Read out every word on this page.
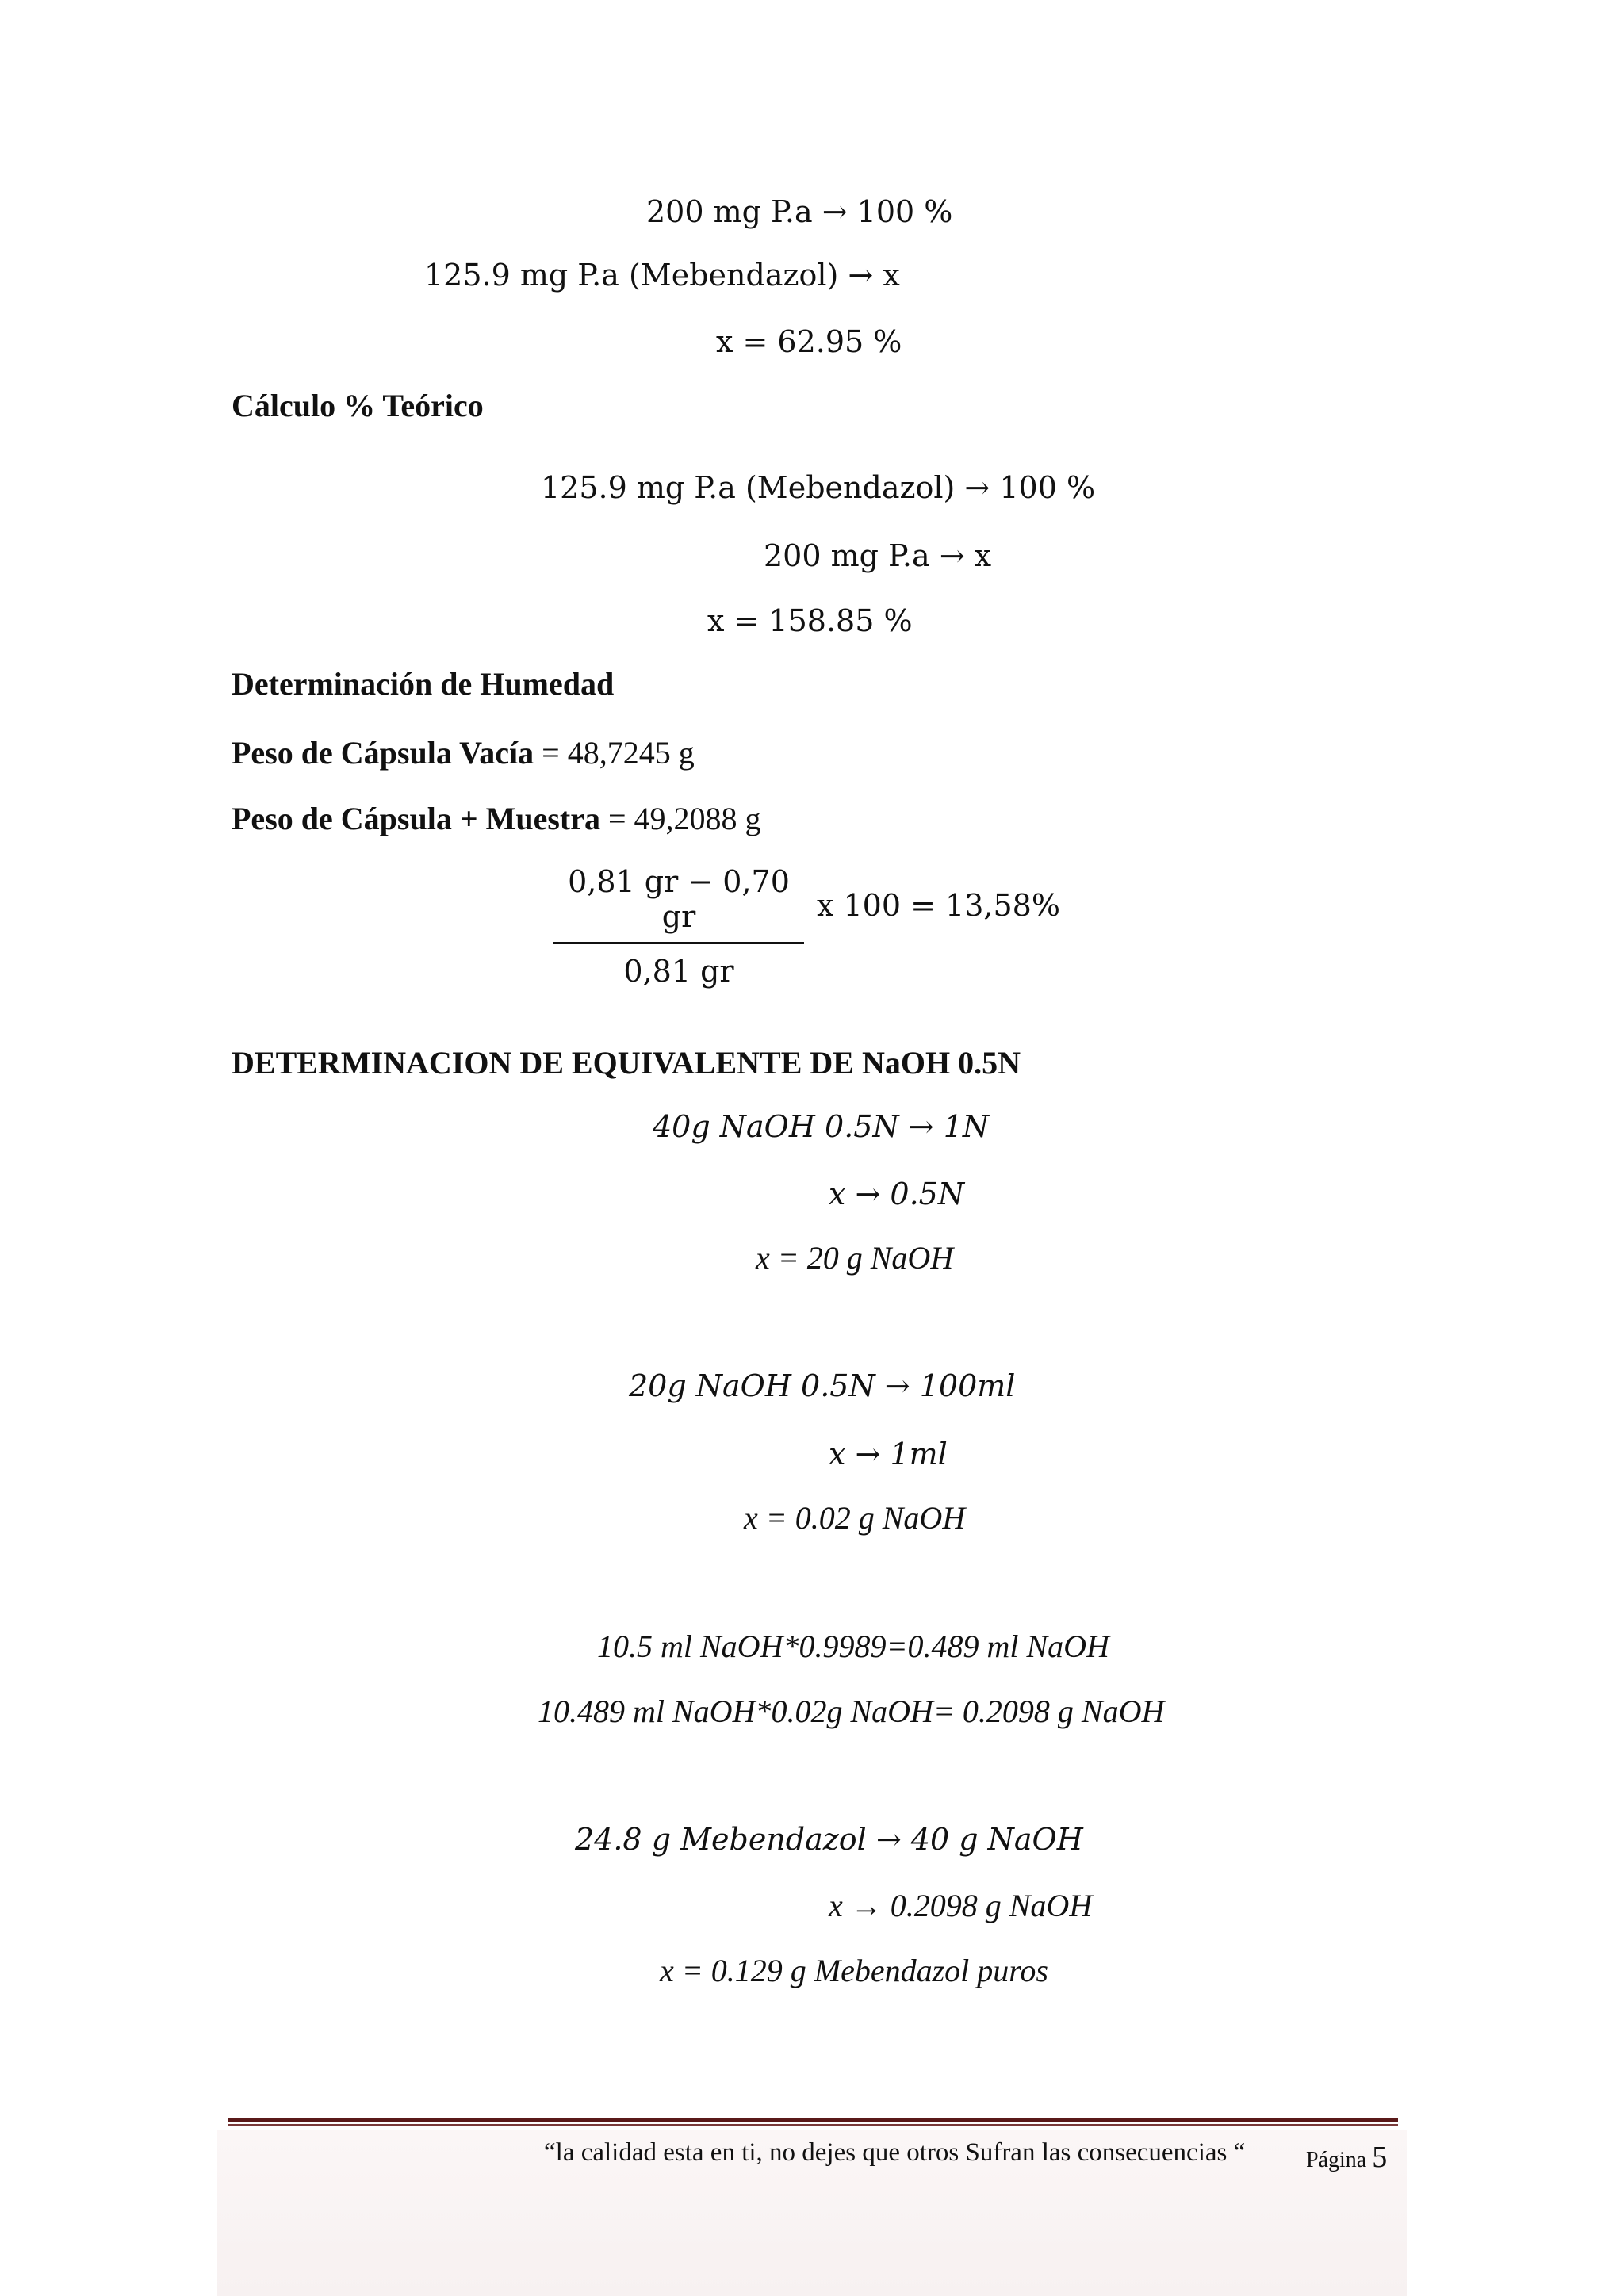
200 mg P.a → 100 %
125.9 mg P.a (Mebendazol) → x
x = 62.95 %
Cálculo % Teórico
125.9 mg P.a (Mebendazol) → 100 %
200 mg P.a → x
x = 158.85 %
Determinación de Humedad
Peso de Cápsula Vacía = 48,7245 g
Peso de Cápsula + Muestra = 49,2088 g
0,81 gr − 0,70 gr
0,81 gr
x 100 = 13,58%
DETERMINACION DE EQUIVALENTE DE NaOH 0.5N
40g NaOH 0.5N → 1N
x → 0.5N
x = 20 g NaOH
20g NaOH 0.5N → 100ml
x → 1ml
x = 0.02 g NaOH
10.5 ml NaOH*0.9989=0.489 ml NaOH
10.489 ml NaOH*0.02g NaOH= 0.2098 g NaOH
24.8 g Mebendazol → 40 g NaOH
x → 0.2098 g NaOH
x = 0.129 g Mebendazol puros
“la calidad esta en ti, no dejes que otros Sufran las consecuencias “	Página 5
